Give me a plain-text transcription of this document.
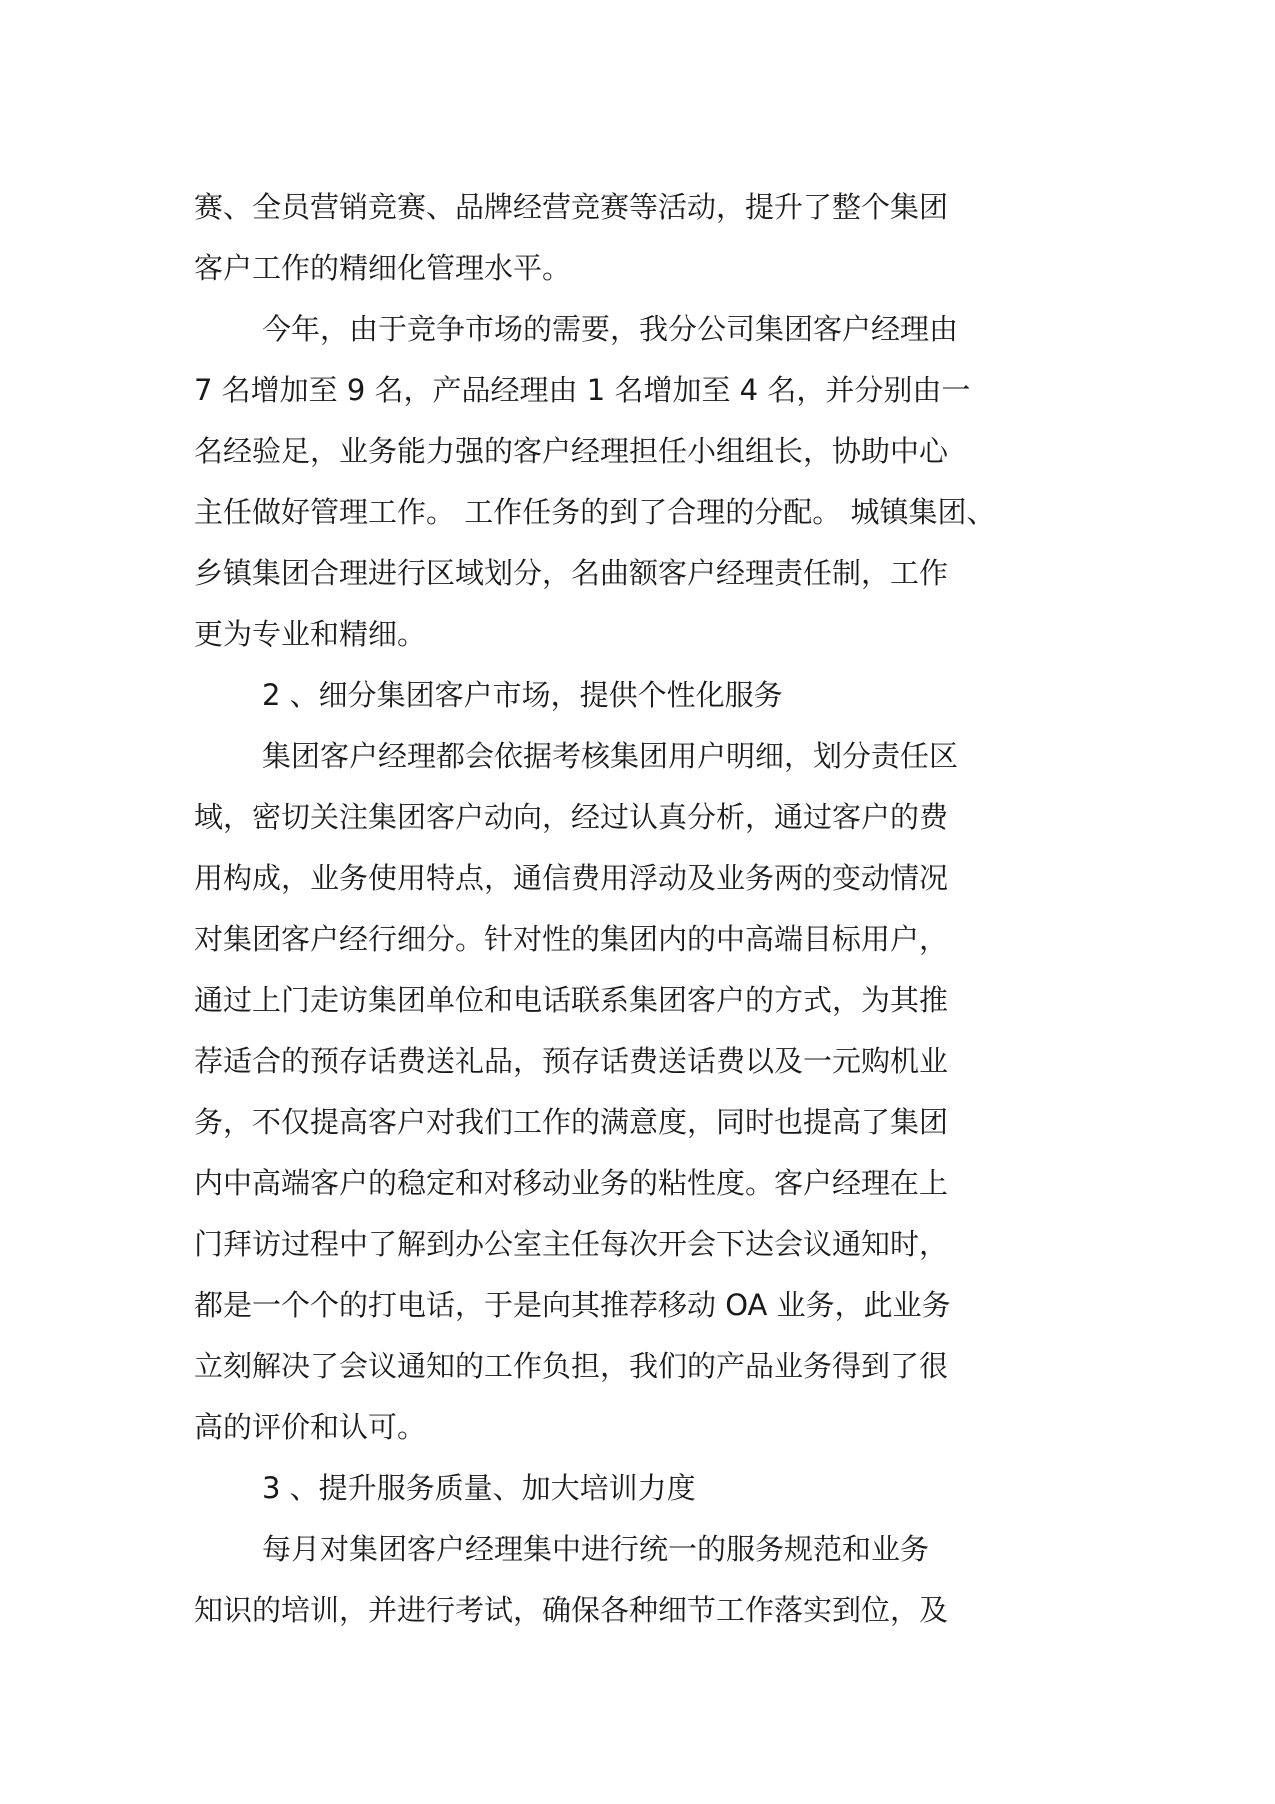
赛、全员营销竞赛、品牌经营竞赛等活动，提升了整个集团
客户工作的精细化管理水平。
今年，由于竞争市场的需要，我分公司集团客户经理由
7 名增加至 9 名，产品经理由 1 名增加至 4 名，并分别由一
名经验足，业务能力强的客户经理担任小组组长，协助中心
主任做好管理工作。 工作任务的到了合理的分配。 城镇集团、
乡镇集团合理进行区域划分，名曲额客户经理责任制，工作
更为专业和精细。
2 、细分集团客户市场，提供个性化服务
集团客户经理都会依据考核集团用户明细，划分责任区
域，密切关注集团客户动向，经过认真分析，通过客户的费
用构成，业务使用特点，通信费用浮动及业务两的变动情况
对集团客户经行细分。针对性的集团内的中高端目标用户，
通过上门走访集团单位和电话联系集团客户的方式，为其推
荐适合的预存话费送礼品，预存话费送话费以及一元购机业
务，不仅提高客户对我们工作的满意度，同时也提高了集团
内中高端客户的稳定和对移动业务的粘性度。客户经理在上
门拜访过程中了解到办公室主任每次开会下达会议通知时，
都是一个个的打电话，于是向其推荐移动 OA 业务，此业务
立刻解决了会议通知的工作负担，我们的产品业务得到了很
高的评价和认可。
3 、提升服务质量、加大培训力度
每月对集团客户经理集中进行统一的服务规范和业务
知识的培训，并进行考试，确保各种细节工作落实到位，及
